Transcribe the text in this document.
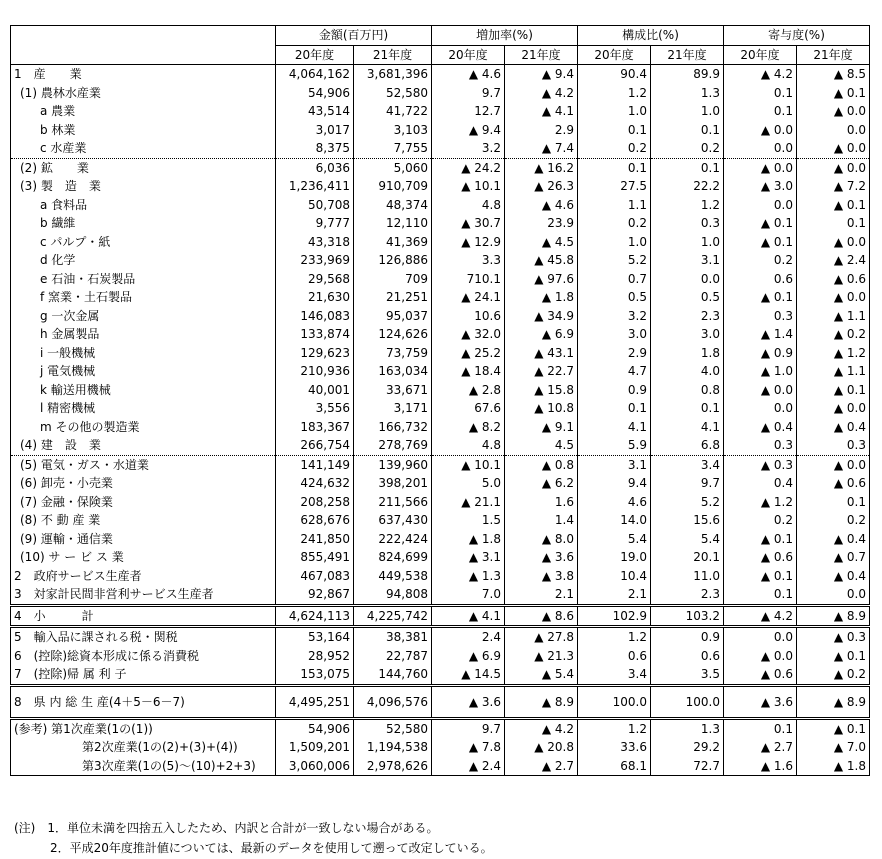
	金額(百万円)		増加率(%)		構成比(%)		寄与度(%)	
	20年度	21年度	20年度	21年度	20年度	21年度	20年度	21年度
1　産　　業	4,064,162	3,681,396	▲ 4.6	▲ 9.4	90.4	89.9	▲ 4.2	▲ 8.5
(1) 農林水産業	54,906	52,580	9.7	▲ 4.2	1.2	1.3	0.1	▲ 0.1
a 農業	43,514	41,722	12.7	▲ 4.1	1.0	1.0	0.1	▲ 0.0
b 林業	3,017	3,103	▲ 9.4	2.9	0.1	0.1	▲ 0.0	0.0
c 水産業	8,375	7,755	3.2	▲ 7.4	0.2	0.2	0.0	▲ 0.0
(2) 鉱　　業	6,036	5,060	▲ 24.2	▲ 16.2	0.1	0.1	▲ 0.0	▲ 0.0
(3) 製　造　業	1,236,411	910,709	▲ 10.1	▲ 26.3	27.5	22.2	▲ 3.0	▲ 7.2
a 食料品	50,708	48,374	4.8	▲ 4.6	1.1	1.2	0.0	▲ 0.1
b 繊維	9,777	12,110	▲ 30.7	23.9	0.2	0.3	▲ 0.1	0.1
c パルプ・紙	43,318	41,369	▲ 12.9	▲ 4.5	1.0	1.0	▲ 0.1	▲ 0.0
d 化学	233,969	126,886	3.3	▲ 45.8	5.2	3.1	0.2	▲ 2.4
e 石油・石炭製品	29,568	709	710.1	▲ 97.6	0.7	0.0	0.6	▲ 0.6
f 窯業・土石製品	21,630	21,251	▲ 24.1	▲ 1.8	0.5	0.5	▲ 0.1	▲ 0.0
g 一次金属	146,083	95,037	10.6	▲ 34.9	3.2	2.3	0.3	▲ 1.1
h 金属製品	133,874	124,626	▲ 32.0	▲ 6.9	3.0	3.0	▲ 1.4	▲ 0.2
i 一般機械	129,623	73,759	▲ 25.2	▲ 43.1	2.9	1.8	▲ 0.9	▲ 1.2
j 電気機械	210,936	163,034	▲ 18.4	▲ 22.7	4.7	4.0	▲ 1.0	▲ 1.1
k 輸送用機械	40,001	33,671	▲ 2.8	▲ 15.8	0.9	0.8	▲ 0.0	▲ 0.1
l 精密機械	3,556	3,171	67.6	▲ 10.8	0.1	0.1	0.0	▲ 0.0
m その他の製造業	183,367	166,732	▲ 8.2	▲ 9.1	4.1	4.1	▲ 0.4	▲ 0.4
(4) 建　設　業	266,754	278,769	4.8	4.5	5.9	6.8	0.3	0.3
(5) 電気・ガス・水道業	141,149	139,960	▲ 10.1	▲ 0.8	3.1	3.4	▲ 0.3	▲ 0.0
(6) 卸売・小売業	424,632	398,201	5.0	▲ 6.2	9.4	9.7	0.4	▲ 0.6
(7) 金融・保険業	208,258	211,566	▲ 21.1	1.6	4.6	5.2	▲ 1.2	0.1
(8) 不 動 産 業	628,676	637,430	1.5	1.4	14.0	15.6	0.2	0.2
(9) 運輸・通信業	241,850	222,424	▲ 1.8	▲ 8.0	5.4	5.4	▲ 0.1	▲ 0.4
(10) サ ー ビ ス 業	855,491	824,699	▲ 3.1	▲ 3.6	19.0	20.1	▲ 0.6	▲ 0.7
2　政府サービス生産者	467,083	449,538	▲ 1.3	▲ 3.8	10.4	11.0	▲ 0.1	▲ 0.4
3　対家計民間非営利サービス生産者	92,867	94,808	7.0	2.1	2.1	2.3	0.1	0.0
4　小　　　計	4,624,113	4,225,742	▲ 4.1	▲ 8.6	102.9	103.2	▲ 4.2	▲ 8.9
5　輸入品に課される税・関税	53,164	38,381	2.4	▲ 27.8	1.2	0.9	0.0	▲ 0.3
6　(控除)総資本形成に係る消費税	28,952	22,787	▲ 6.9	▲ 21.3	0.6	0.6	▲ 0.0	▲ 0.1
7　(控除)帰 属 利 子	153,075	144,760	▲ 14.5	▲ 5.4	3.4	3.5	▲ 0.6	▲ 0.2
8　県 内 総 生 産(4＋5－6－7)	4,495,251	4,096,576	▲ 3.6	▲ 8.9	100.0	100.0	▲ 3.6	▲ 8.9
(参考) 第1次産業(1の(1))	54,906	52,580	9.7	▲ 4.2	1.2	1.3	0.1	▲ 0.1
第2次産業(1の(2)+(3)+(4))	1,509,201	1,194,538	▲ 7.8	▲ 20.8	33.6	29.2	▲ 2.7	▲ 7.0
第3次産業(1の(5)～(10)+2+3)	3,060,006	2,978,626	▲ 2.4	▲ 2.7	68.1	72.7	▲ 1.6	▲ 1.8
(注)　1．単位未満を四捨五入したため、内訳と合計が一致しない場合がある。
　　　2．平成20年度推計値については、最新のデータを使用して遡って改定している。
